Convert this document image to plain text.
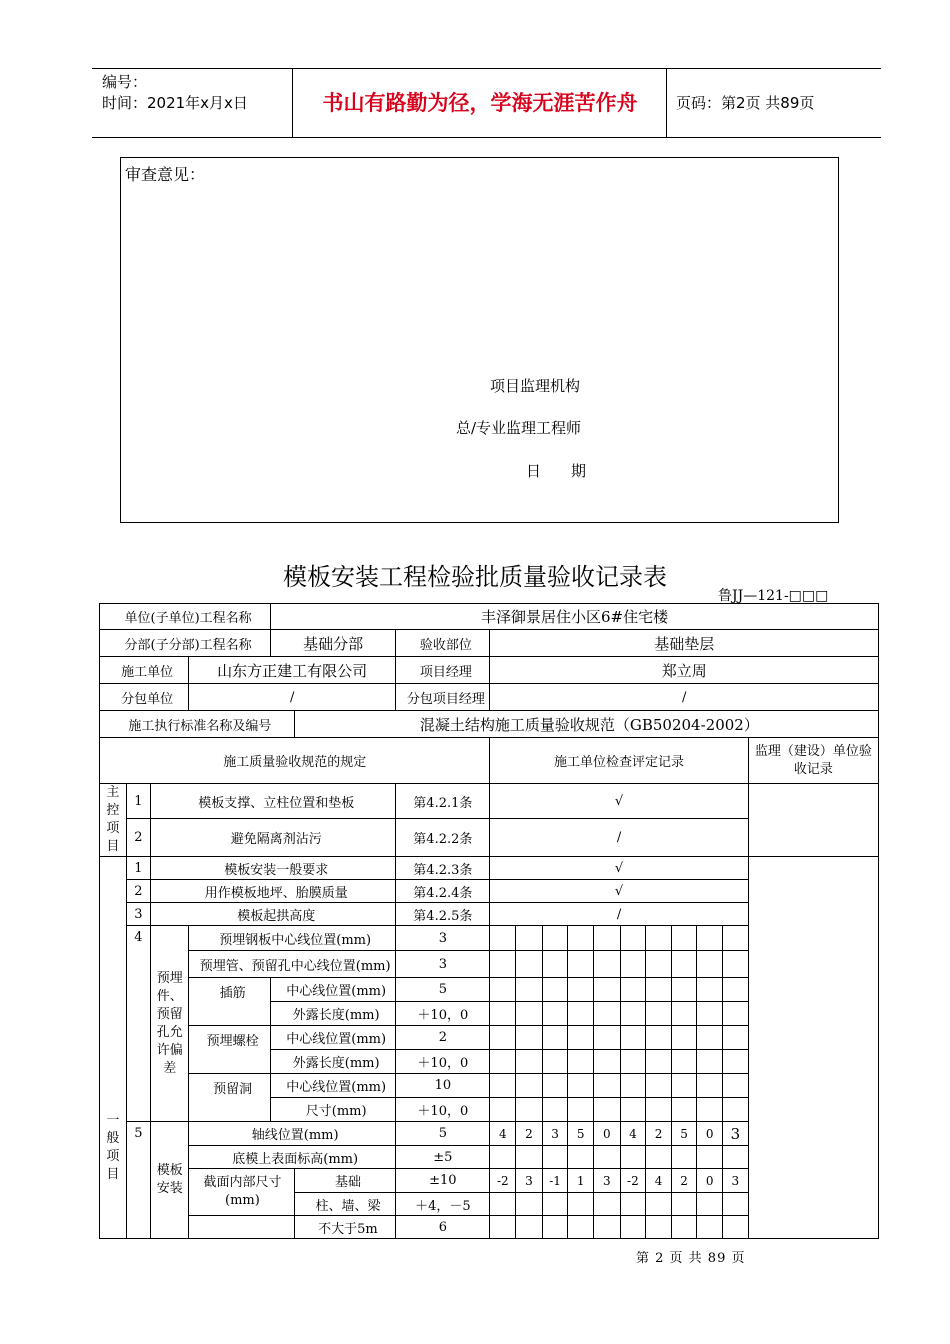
编号：
时间：2021年x月x日	书山有路勤为径，学海无涯苦作舟	页码：第2页 共89页
审查意见：
项目监理机构
总/专业监理工程师
日　　期
模板安装工程检验批质量验收记录表
鲁JJ—121-□□□
单位(子单位)工程名称				丰泽御景居住小区6#住宅楼													
分部(子分部)工程名称				基础分部		验收部位	基础垫层										
施工单位			山东方正建工有限公司			项目经理	郑立周										
分包单位			/			分包项目经理	/										
施工执行标准名称及编号					混凝土结构施工质量验收规范（GB50204-2002）												
施工质量验收规范的规定							施工单位检查评定记录										监理（建设）单位验收记录
主控项目	1	模板支撑、立柱位置和垫板				第4.2.1条	√										
	2	避免隔离剂沾污				第4.2.2条	/										
一般项目	1	模板安装一般要求				第4.2.3条	√										
	2	用作模板地坪、胎膜质量				第4.2.4条	√										
	3	模板起拱高度				第4.2.5条	/										
	4	预埋件、预留孔允许偏差	预埋钢板中心线位置(mm)			3											
			预埋管、预留孔中心线位置(mm)			3											
			插筋	中心线位置(mm)		5											
				外露长度(mm)		＋10，0											
			预埋螺栓	中心线位置(mm)		2											
				外露长度(mm)		＋10，0											
			预留洞	中心线位置(mm)		10											
				尺寸(mm)		＋10，0											
	5	模板安装	轴线位置(mm)			5	4	2	3	5	0	4	2	5	0	3	
			底模上表面标高(mm)			±5											
			截面内部尺寸(mm)		基础	±10	-2	3	-1	1	3	-2	4	2	0	3	
					柱、墙、梁	＋4，－5											
					不大于5m	6											
第 2 页 共 89 页
